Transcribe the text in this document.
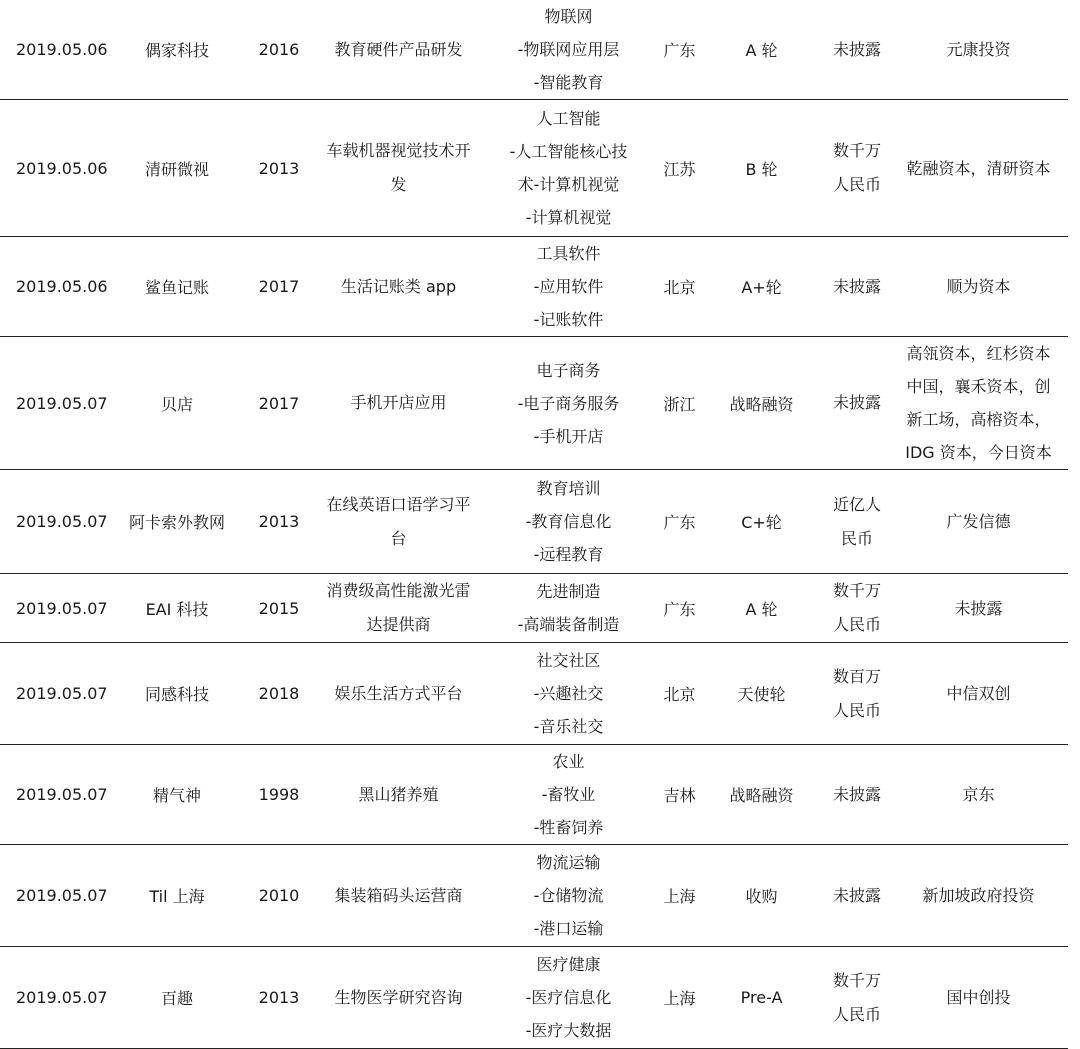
2019.05.06	偶家科技	2016	教育硬件产品研发	物联网
-物联网应用层
-智能教育	广东	A 轮	未披露	元康投资

2019.05.06	清研微视	2013	车载机器视觉技术开
发	人工智能
-人工智能核心技
术-计算机视觉
-计算机视觉	江苏	B 轮	数千万
人民币	乾融资本，清研资本

2019.05.06	鲨鱼记账	2017	生活记账类 app	工具软件
-应用软件
-记账软件	北京	A+轮	未披露	顺为资本

2019.05.07	贝店	2017	手机开店应用	电子商务
-电子商务服务
-手机开店	浙江	战略融资	未披露	高瓴资本，红杉资本
中国，襄禾资本，创
新工场，高榕资本，
IDG 资本，今日资本

2019.05.07	阿卡索外教网	2013	在线英语口语学习平
台	教育培训
-教育信息化
-远程教育	广东	C+轮	近亿人
民币	广发信德

2019.05.07	EAI 科技	2015	消费级高性能激光雷
达提供商	先进制造
-高端装备制造	广东	A 轮	数千万
人民币	未披露

2019.05.07	同感科技	2018	娱乐生活方式平台	社交社区
-兴趣社交
-音乐社交	北京	天使轮	数百万
人民币	中信双创

2019.05.07	精气神	1998	黑山猪养殖	农业
-畜牧业
-牲畜饲养	吉林	战略融资	未披露	京东

2019.05.07	Til 上海	2010	集装箱码头运营商	物流运输
-仓储物流
-港口运输	上海	收购	未披露	新加坡政府投资

2019.05.07	百趣	2013	生物医学研究咨询	医疗健康
-医疗信息化
-医疗大数据	上海	Pre-A	数千万
人民币	国中创投
